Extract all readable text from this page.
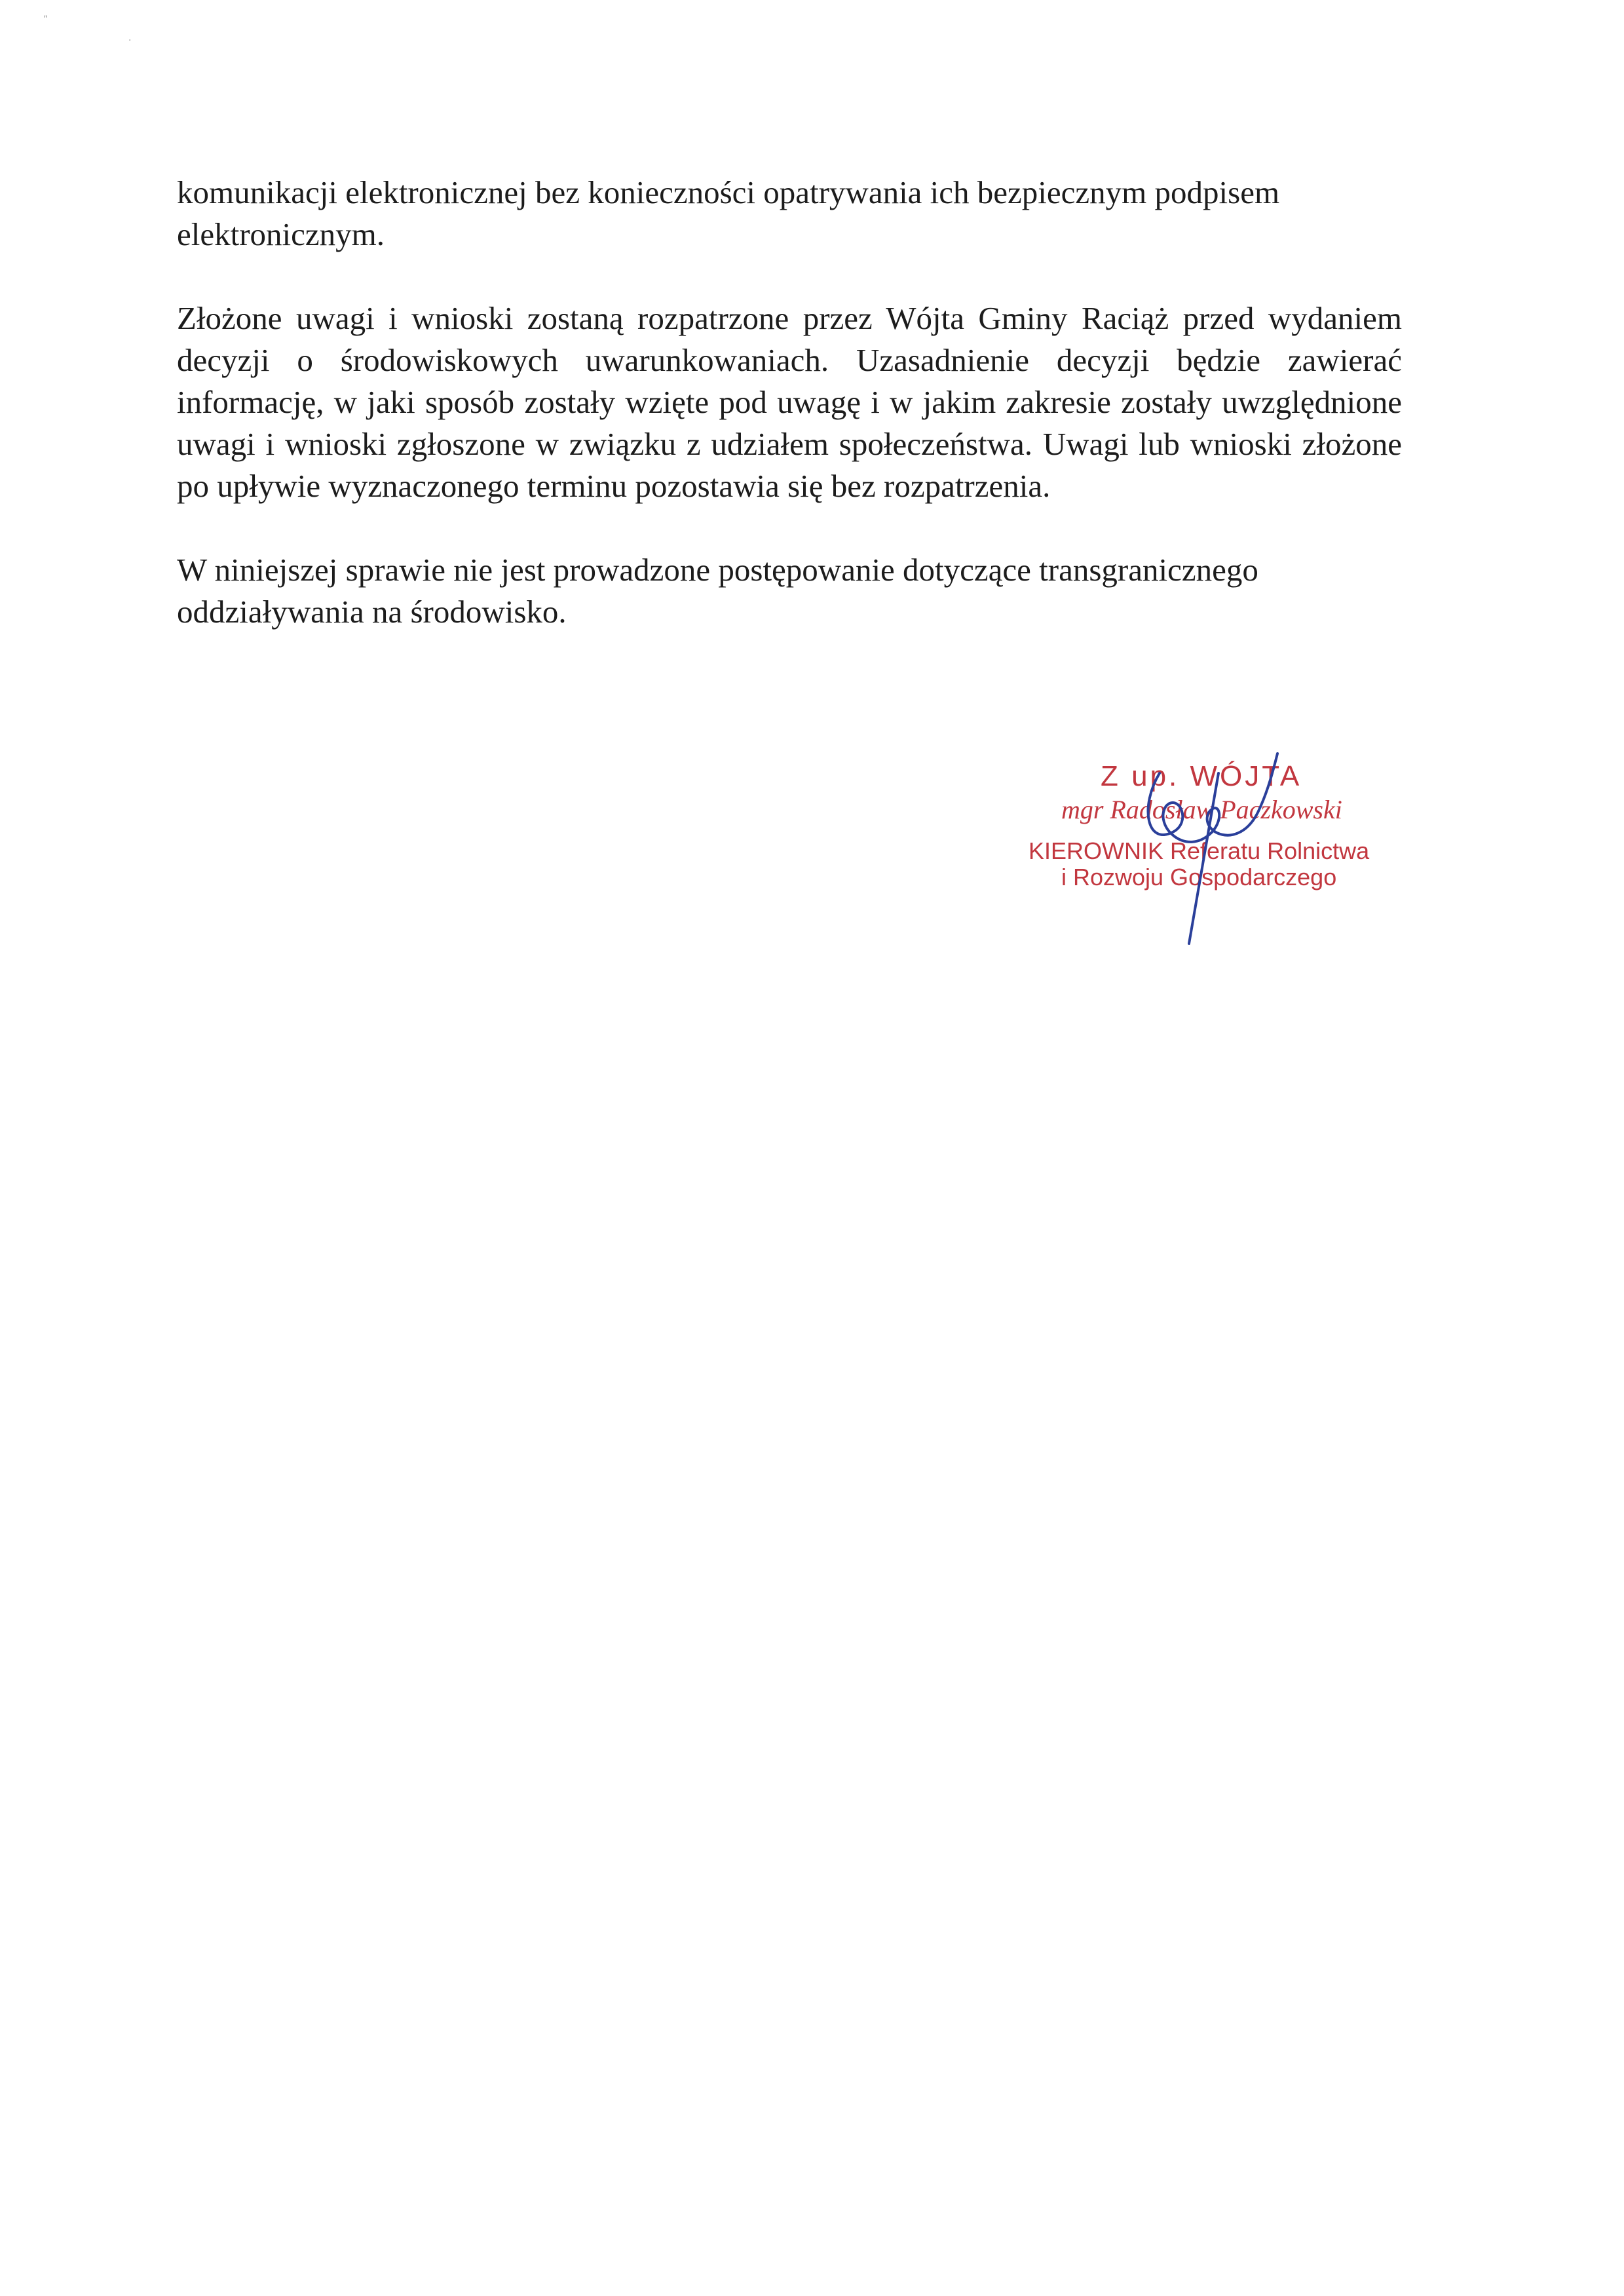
”
·

komunikacji elektronicznej bez konieczności opatrywania ich bezpiecznym podpisem elektronicznym.

Złożone uwagi i wnioski zostaną rozpatrzone przez Wójta Gminy Raciąż przed wydaniem decyzji o środowiskowych uwarunkowaniach. Uzasadnienie decyzji będzie zawierać informację, w jaki sposób zostały wzięte pod uwagę i w jakim zakresie zostały uwzględnione uwagi i wnioski zgłoszone w związku z udziałem społeczeństwa. Uwagi lub wnioski złożone po upływie wyznaczonego terminu pozostawia się bez rozpatrzenia.

W niniejszej sprawie nie jest prowadzone postępowanie dotyczące transgranicznego oddziaływania na środowisko.

Z up. WÓJTA
mgr Radosław Paczkowski
KIEROWNIK Referatu Rolnictwa
i Rozwoju Gospodarczego
